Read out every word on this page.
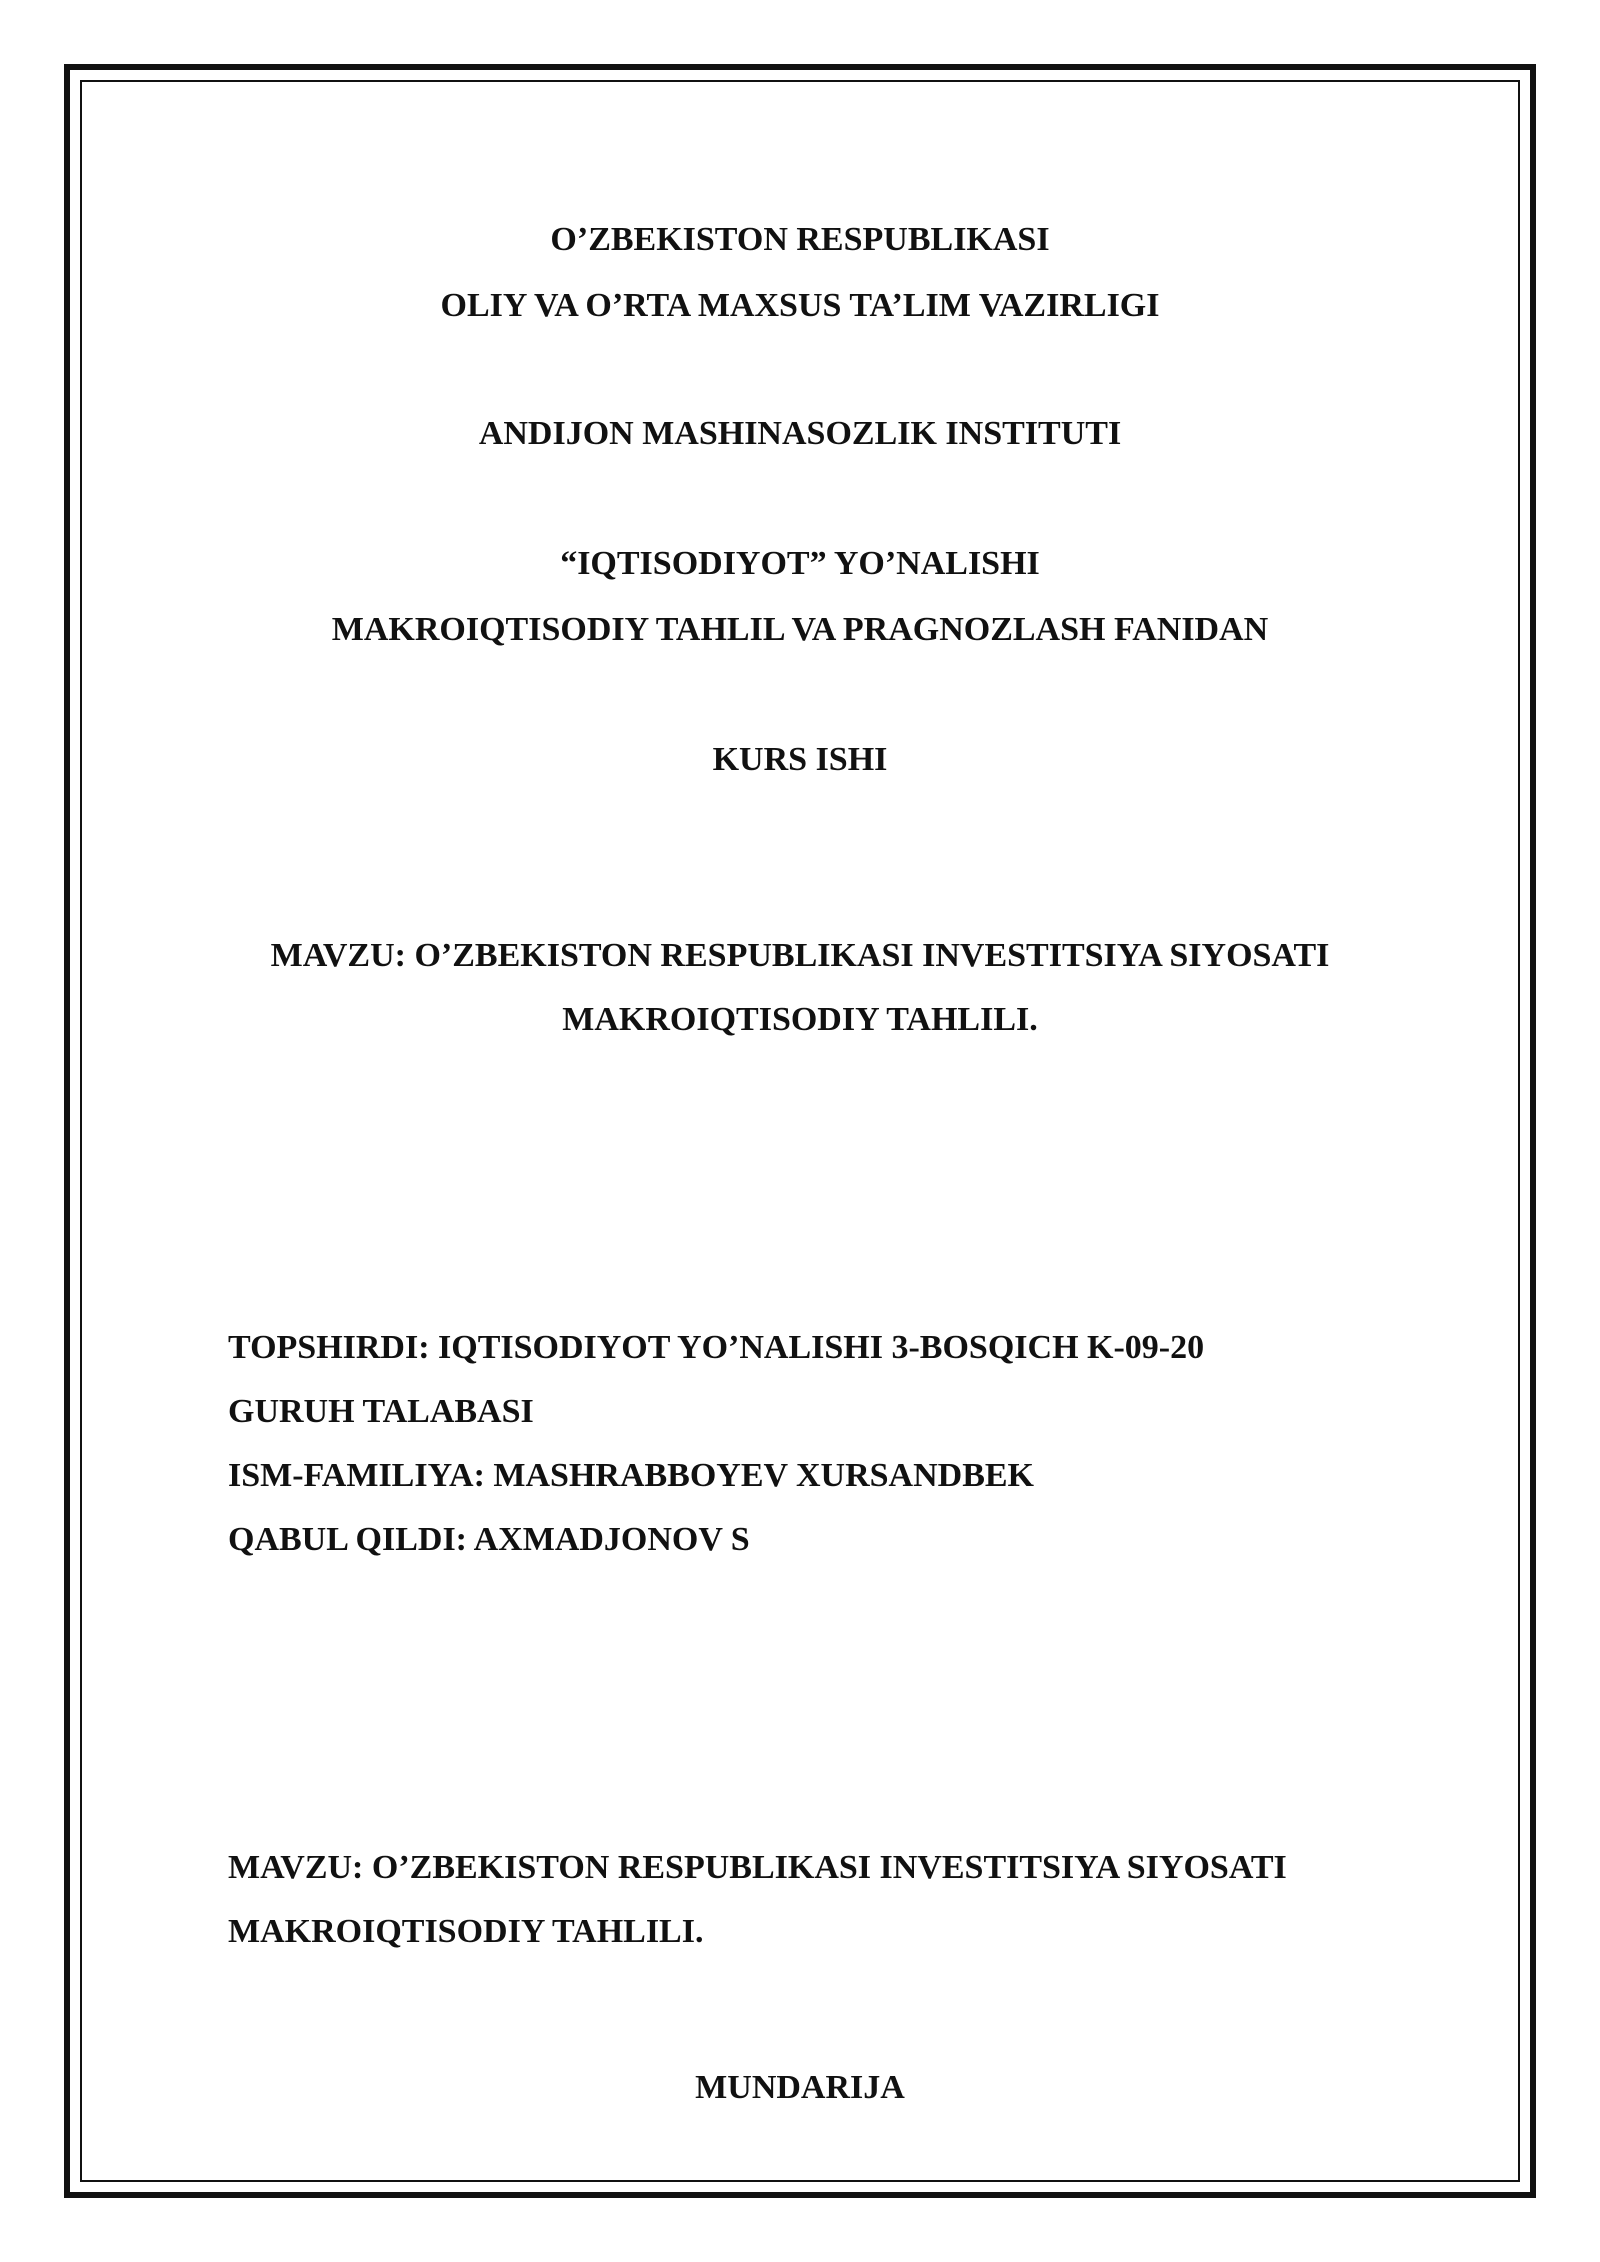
O’ZBEKISTON RESPUBLIKASI
OLIY VA O’RTA MAXSUS TA’LIM VAZIRLIGI
ANDIJON MASHINASOZLIK INSTITUTI
“IQTISODIYOT” YO’NALISHI
MAKROIQTISODIY TAHLIL VA PRAGNOZLASH FANIDAN
KURS ISHI
MAVZU: O’ZBEKISTON RESPUBLIKASI INVESTITSIYA SIYOSATI
MAKROIQTISODIY TAHLILI.
TOPSHIRDI: IQTISODIYOT YO’NALISHI 3-BOSQICH K-09-20
GURUH TALABASI
ISM-FAMILIYA: MASHRABBOYEV XURSANDBEK
QABUL QILDI: AXMADJONOV S
MAVZU: O’ZBEKISTON RESPUBLIKASI INVESTITSIYA SIYOSATI
MAKROIQTISODIY TAHLILI.
MUNDARIJA
